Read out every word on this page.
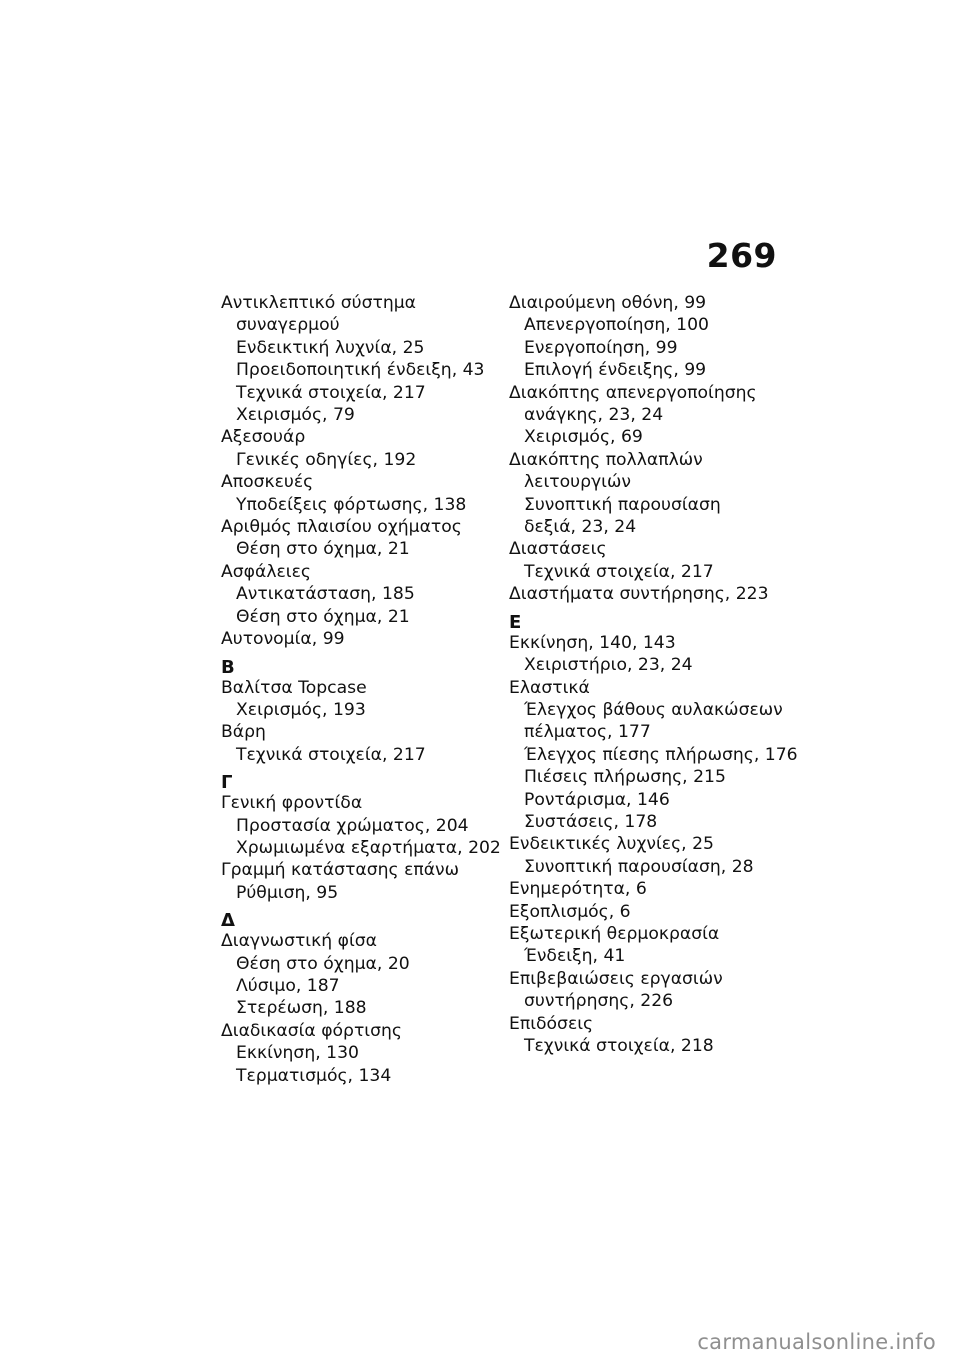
269
Αντικλεπτικό σύστημα
συναγερμού
Ενδεικτική λυχνία, 25
Προειδοποιητική ένδειξη, 43
Τεχνικά στοιχεία, 217
Χειρισμός, 79
Αξεσουάρ
Γενικές οδηγίες, 192
Αποσκευές
Υποδείξεις φόρτωσης, 138
Αριθμός πλαισίου οχήματος
Θέση στο όχημα, 21
Ασφάλειες
Αντικατάσταση, 185
Θέση στο όχημα, 21
Αυτονομία, 99
Β
Βαλίτσα Topcase
Χειρισμός, 193
Βάρη
Τεχνικά στοιχεία, 217
Γ
Γενική φροντίδα
Προστασία χρώματος, 204
Χρωμιωμένα εξαρτήματα, 202
Γραμμή κατάστασης επάνω
Ρύθμιση, 95
Δ
Διαγνωστική φίσα
Θέση στο όχημα, 20
Λύσιμο, 187
Στερέωση, 188
Διαδικασία φόρτισης
Εκκίνηση, 130
Τερματισμός, 134
Διαιρούμενη οθόνη, 99
Απενεργοποίηση, 100
Ενεργοποίηση, 99
Επιλογή ένδειξης, 99
Διακόπτης απενεργοποίησης
ανάγκης, 23, 24
Χειρισμός, 69
Διακόπτης πολλαπλών
λειτουργιών
Συνοπτική παρουσίαση
δεξιά, 23, 24
Διαστάσεις
Τεχνικά στοιχεία, 217
Διαστήματα συντήρησης, 223
Ε
Εκκίνηση, 140, 143
Χειριστήριο, 23, 24
Ελαστικά
Έλεγχος βάθους αυλακώσεων
πέλματος, 177
Έλεγχος πίεσης πλήρωσης, 176
Πιέσεις πλήρωσης, 215
Ροντάρισμα, 146
Συστάσεις, 178
Ενδεικτικές λυχνίες, 25
Συνοπτική παρουσίαση, 28
Ενημερότητα, 6
Εξοπλισμός, 6
Εξωτερική θερμοκρασία
Ένδειξη, 41
Επιβεβαιώσεις εργασιών
συντήρησης, 226
Επιδόσεις
Τεχνικά στοιχεία, 218
carmanualsonline.info
